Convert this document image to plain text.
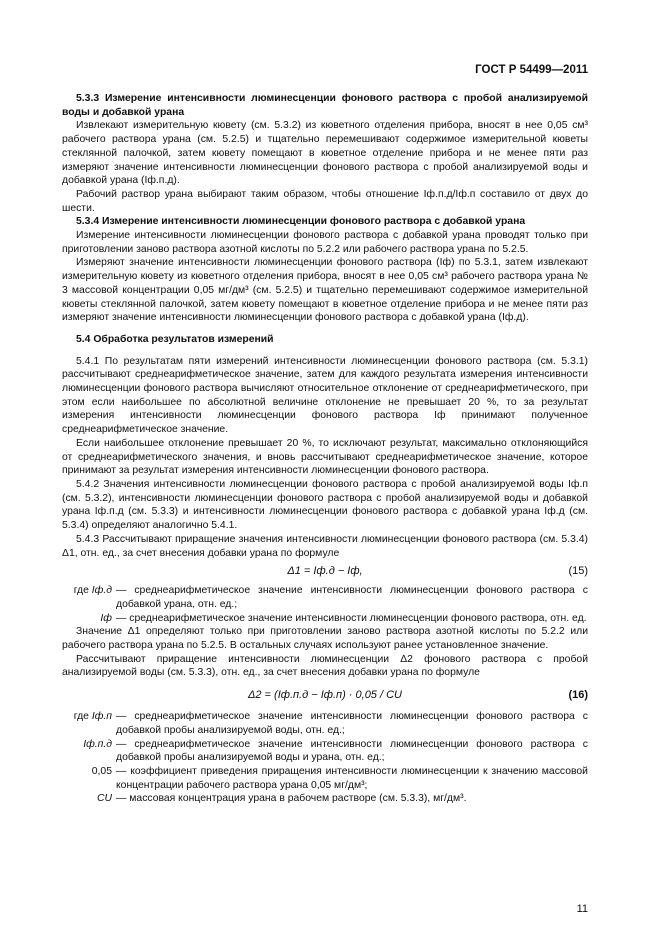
ГОСТ Р 54499—2011

5.3.3 Измерение интенсивности люминесценции фонового раствора с пробой анализируемой воды и добавкой урана

Извлекают измерительную кювету (см. 5.3.2) из кюветного отделения прибора, вносят в нее 0,05 см³ рабочего раствора урана (см. 5.2.5) и тщательно перемешивают содержимое измерительной кюветы стеклянной палочкой, затем кювету помещают в кюветное отделение прибора и не менее пяти раз измеряют значение интенсивности люминесценции фонового раствора с пробой анализируемой воды и добавкой урана (Iф.п.д).

Рабочий раствор урана выбирают таким образом, чтобы отношение Iф.п.д/Iф.п составило от двух до шести.

5.3.4 Измерение интенсивности люминесценции фонового раствора с добавкой урана

Измерение интенсивности люминесценции фонового раствора с добавкой урана проводят только при приготовлении заново раствора азотной кислоты по 5.2.2 или рабочего раствора урана по 5.2.5.

Измеряют значение интенсивности люминесценции фонового раствора (Iф) по 5.3.1, затем извлекают измерительную кювету из кюветного отделения прибора, вносят в нее 0,05 см³ рабочего раствора урана № 3 массовой концентрации 0,05 мг/дм³ (см. 5.2.5) и тщательно перемешивают содержимое измерительной кюветы стеклянной палочкой, затем кювету помещают в кюветное отделение прибора и не менее пяти раз измеряют значение интенсивности люминесценции фонового раствора с добавкой урана (Iф.д).

5.4 Обработка результатов измерений

5.4.1 По результатам пяти измерений интенсивности люминесценции фонового раствора (см. 5.3.1) рассчитывают среднеарифметическое значение, затем для каждого результата измерения интенсивности люминесценции фонового раствора вычисляют относительное отклонение от среднеарифметического, при этом если наибольшее по абсолютной величине отклонение не превышает 20 %, то за результат измерения интенсивности люминесценции фонового раствора Iф принимают полученное среднеарифметическое значение.

Если наибольшее отклонение превышает 20 %, то исключают результат, максимально отклоняющийся от среднеарифметического значения, и вновь рассчитывают среднеарифметическое значение, которое принимают за результат измерения интенсивности люминесценции фонового раствора.

5.4.2 Значения интенсивности люминесценции фонового раствора с пробой анализируемой воды Iф.п (см. 5.3.2), интенсивности люминесценции фонового раствора с пробой анализируемой воды и добавкой урана Iф.п.д (см. 5.3.3) и интенсивности люминесценции фонового раствора с добавкой урана Iф.д (см. 5.3.4) определяют аналогично 5.4.1.

5.4.3 Рассчитывают приращение значения интенсивности люминесценции фонового раствора (см. 5.3.4) Δ1, отн. ед., за счет внесения добавки урана по формуле

Δ1 = Iф.д − Iф,	(15)
где Iф.д — среднеарифметическое значение интенсивности люминесценции фонового раствора с добавкой урана, отн. ед.;
Iф — среднеарифметическое значение интенсивности люминесценции фонового раствора, отн. ед.

Значение Δ1 определяют только при приготовлении заново раствора азотной кислоты по 5.2.2 или рабочего раствора урана по 5.2.5. В остальных случаях используют ранее установленное значение.

Рассчитывают приращение интенсивности люминесценции Δ2 фонового раствора с пробой анализируемой воды (см. 5.3.3), отн. ед., за счет внесения добавки урана по формуле

Δ2 = (Iф.п.д − Iф.п) · 0,05 / CU	(16)
где Iф.п — среднеарифметическое значение интенсивности люминесценции фонового раствора с добавкой пробы анализируемой воды, отн. ед.;
Iф.п.д — среднеарифметическое значение интенсивности люминесценции фонового раствора с добавкой пробы анализируемой воды и урана, отн. ед.;
0,05 — коэффициент приведения приращения интенсивности люминесценции к значению массовой концентрации рабочего раствора урана 0,05 мг/дм³;
CU — массовая концентрация урана в рабочем растворе (см. 5.3.3), мг/дм³.
11
